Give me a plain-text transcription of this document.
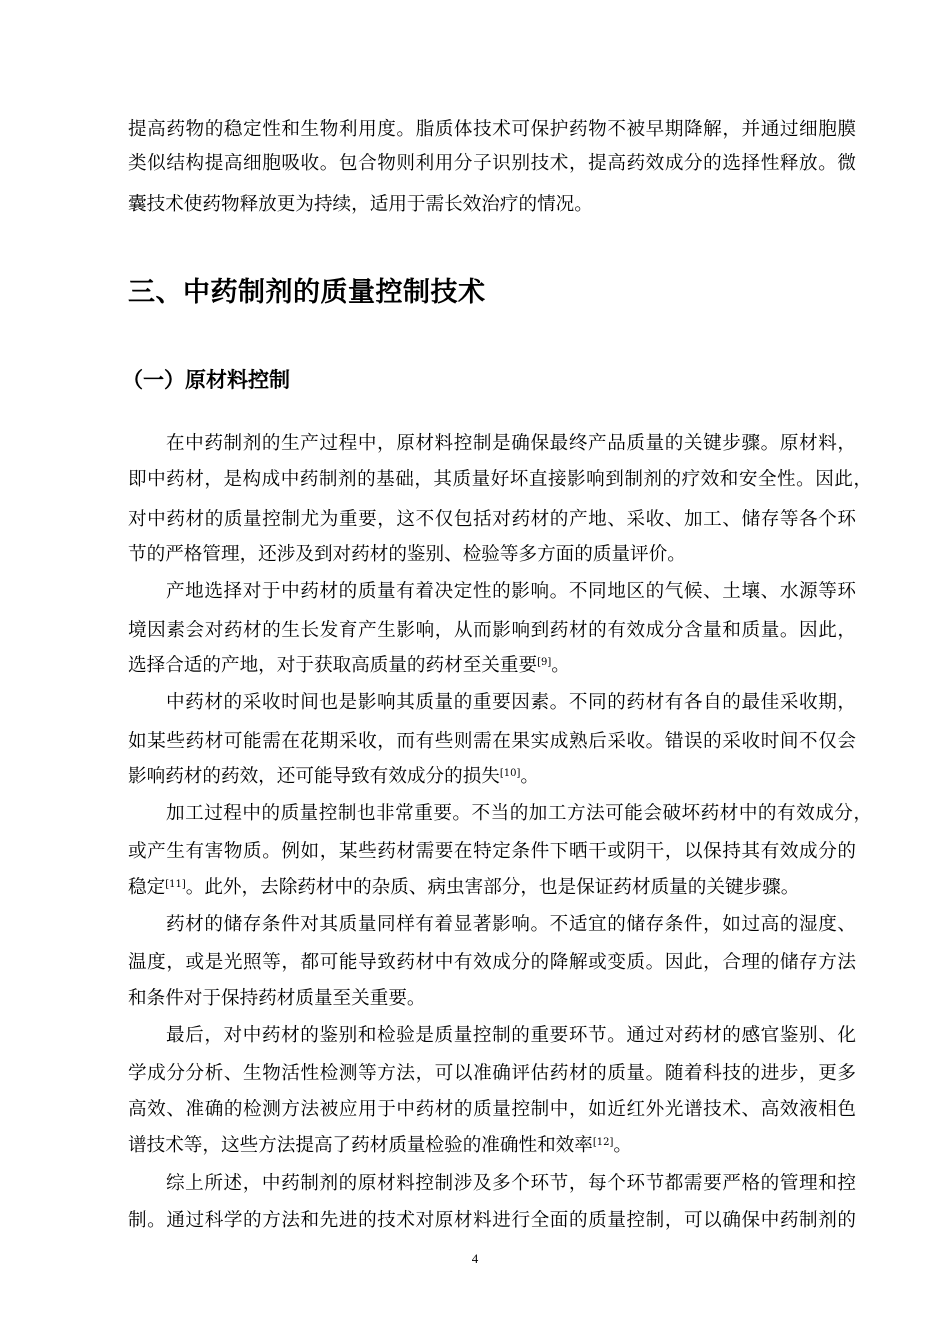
提高药物的稳定性和生物利用度。脂质体技术可保护药物不被早期降解，并通过细胞膜
类似结构提高细胞吸收。包合物则利用分子识别技术，提高药效成分的选择性释放。微
囊技术使药物释放更为持续，适用于需长效治疗的情况。
三、中药制剂的质量控制技术
（一）原材料控制
在中药制剂的生产过程中，原材料控制是确保最终产品质量的关键步骤。原材料，
即中药材，是构成中药制剂的基础，其质量好坏直接影响到制剂的疗效和安全性。因此，
对中药材的质量控制尤为重要，这不仅包括对药材的产地、采收、加工、储存等各个环
节的严格管理，还涉及到对药材的鉴别、检验等多方面的质量评价。
产地选择对于中药材的质量有着决定性的影响。不同地区的气候、土壤、水源等环
境因素会对药材的生长发育产生影响，从而影响到药材的有效成分含量和质量。因此，
选择合适的产地，对于获取高质量的药材至关重要[9]。
中药材的采收时间也是影响其质量的重要因素。不同的药材有各自的最佳采收期，
如某些药材可能需在花期采收，而有些则需在果实成熟后采收。错误的采收时间不仅会
影响药材的药效，还可能导致有效成分的损失[10]。
加工过程中的质量控制也非常重要。不当的加工方法可能会破坏药材中的有效成分，
或产生有害物质。例如，某些药材需要在特定条件下晒干或阴干，以保持其有效成分的
稳定[11]。此外，去除药材中的杂质、病虫害部分，也是保证药材质量的关键步骤。
药材的储存条件对其质量同样有着显著影响。不适宜的储存条件，如过高的湿度、
温度，或是光照等，都可能导致药材中有效成分的降解或变质。因此，合理的储存方法
和条件对于保持药材质量至关重要。
最后，对中药材的鉴别和检验是质量控制的重要环节。通过对药材的感官鉴别、化
学成分分析、生物活性检测等方法，可以准确评估药材的质量。随着科技的进步，更多
高效、准确的检测方法被应用于中药材的质量控制中，如近红外光谱技术、高效液相色
谱技术等，这些方法提高了药材质量检验的准确性和效率[12]。
综上所述，中药制剂的原材料控制涉及多个环节，每个环节都需要严格的管理和控
制。通过科学的方法和先进的技术对原材料进行全面的质量控制，可以确保中药制剂的
4
